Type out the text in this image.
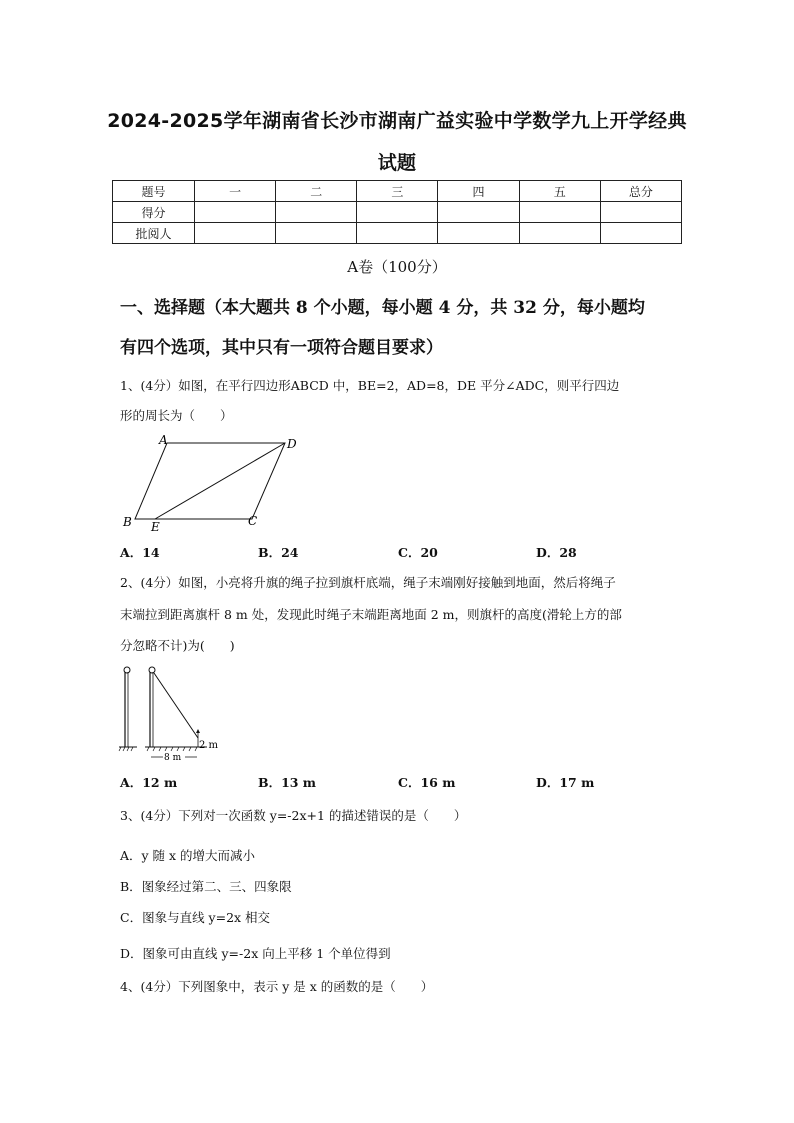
2024-2025学年湖南省长沙市湖南广益实验中学数学九上开学经典
试题
题号	一	二	三	四	五	总分
得分						
批阅人						
A卷（100分）
一、选择题（本大题共 8 个小题，每小题 4 分，共 32 分，每小题均
有四个选项，其中只有一项符合题目要求）
1、(4分）如图，在平行四边形ABCD 中，BE=2，AD=8，DE 平分∠ADC，则平行四边
形的周长为（　　）
A	D
B E	C
A．14	B．24	C．20	D．28
2、(4分）如图，小亮将升旗的绳子拉到旗杆底端，绳子末端刚好接触到地面，然后将绳子
末端拉到距离旗杆 8 m 处，发现此时绳子末端距离地面 2 m，则旗杆的高度(滑轮上方的部
分忽略不计)为(　　)
2 m
8 m
A．12 m	B．13 m	C．16 m	D．17 m
3、(4分）下列对一次函数 y=-2x+1 的描述错误的是（　　）
A．y 随 x 的增大而减小
B．图象经过第二、三、四象限
C．图象与直线 y=2x 相交
D．图象可由直线 y=-2x 向上平移 1 个单位得到
4、(4分）下列图象中，表示 y 是 x 的函数的是（　　）
